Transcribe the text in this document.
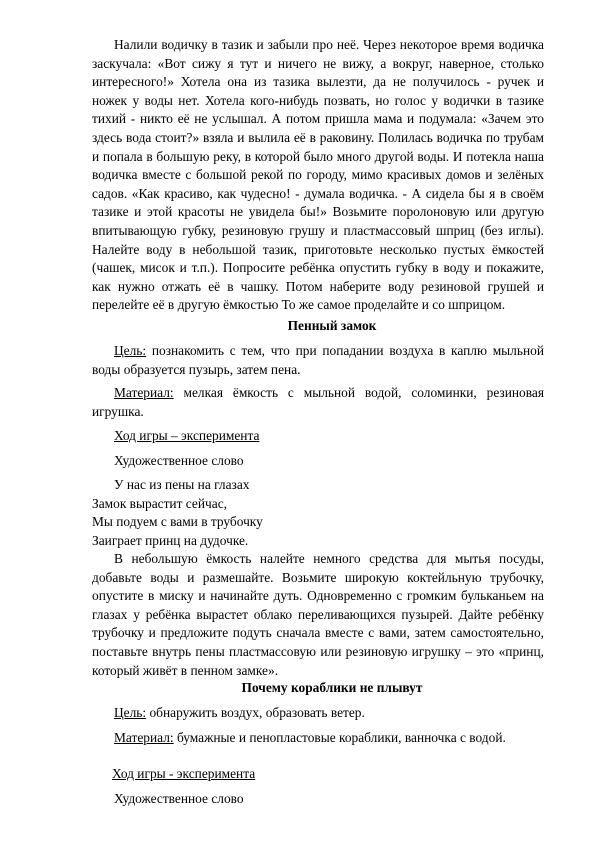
Налили водичку в тазик и забыли про неё. Через некоторое время водичка заскучала: «Вот сижу я тут и ничего не вижу, а вокруг, наверное, столько интересного!» Хотела она из тазика вылезти, да не получилось - ручек и ножек у воды нет. Хотела кого-нибудь позвать, но голос у водички в тазике тихий - никто её не услышал. А потом пришла мама и подумала: «Зачем это здесь вода стоит?» взяла и вылила её в раковину. Полилась водичка по трубам и попала в большую реку, в которой было много другой воды. И потекла наша водичка вместе с большой рекой по городу, мимо красивых домов и зелёных садов. «Как красиво, как чудесно! - думала водичка. - А сидела бы я в своём тазике и этой красоты не увидела бы!» Возьмите поролоновую или другую впитывающую губку, резиновую грушу и пластмассовый шприц (без иглы). Налейте воду в небольшой тазик, приготовьте несколько пустых ёмкостей (чашек, мисок и т.п.). Попросите ребёнка опустить губку в воду и покажите, как нужно отжать её в чашку. Потом наберите воду резиновой грушей и перелейте её в другую ёмкостью То же самое проделайте и со шприцом.
Пенный замок
Цель: познакомить с тем, что при попадании воздуха в каплю мыльной воды образуется пузырь, затем пена.
Материал: мелкая ёмкость с мыльной водой, соломинки, резиновая игрушка.
Ход игры – эксперимента
Художественное слово
У нас из пены на глазах
Замок вырастит сейчас,
Мы подуем с вами в трубочку
Заиграет принц на дудочке.
В небольшую ёмкость налейте немного средства для мытья посуды, добавьте воды и размешайте. Возьмите широкую коктейльную трубочку, опустите в миску и начинайте дуть. Одновременно с громким бульканьем на глазах у ребёнка вырастет облако переливающихся пузырей. Дайте ребёнку трубочку и предложите подуть сначала вместе с вами, затем самостоятельно, поставьте внутрь пены пластмассовую или резиновую игрушку – это «принц, который живёт в пенном замке».
Почему кораблики не плывут
Цель: обнаружить воздух, образовать ветер.
Материал: бумажные и пенопластовые кораблики, ванночка с водой.
Ход игры - эксперимента
Художественное слово
